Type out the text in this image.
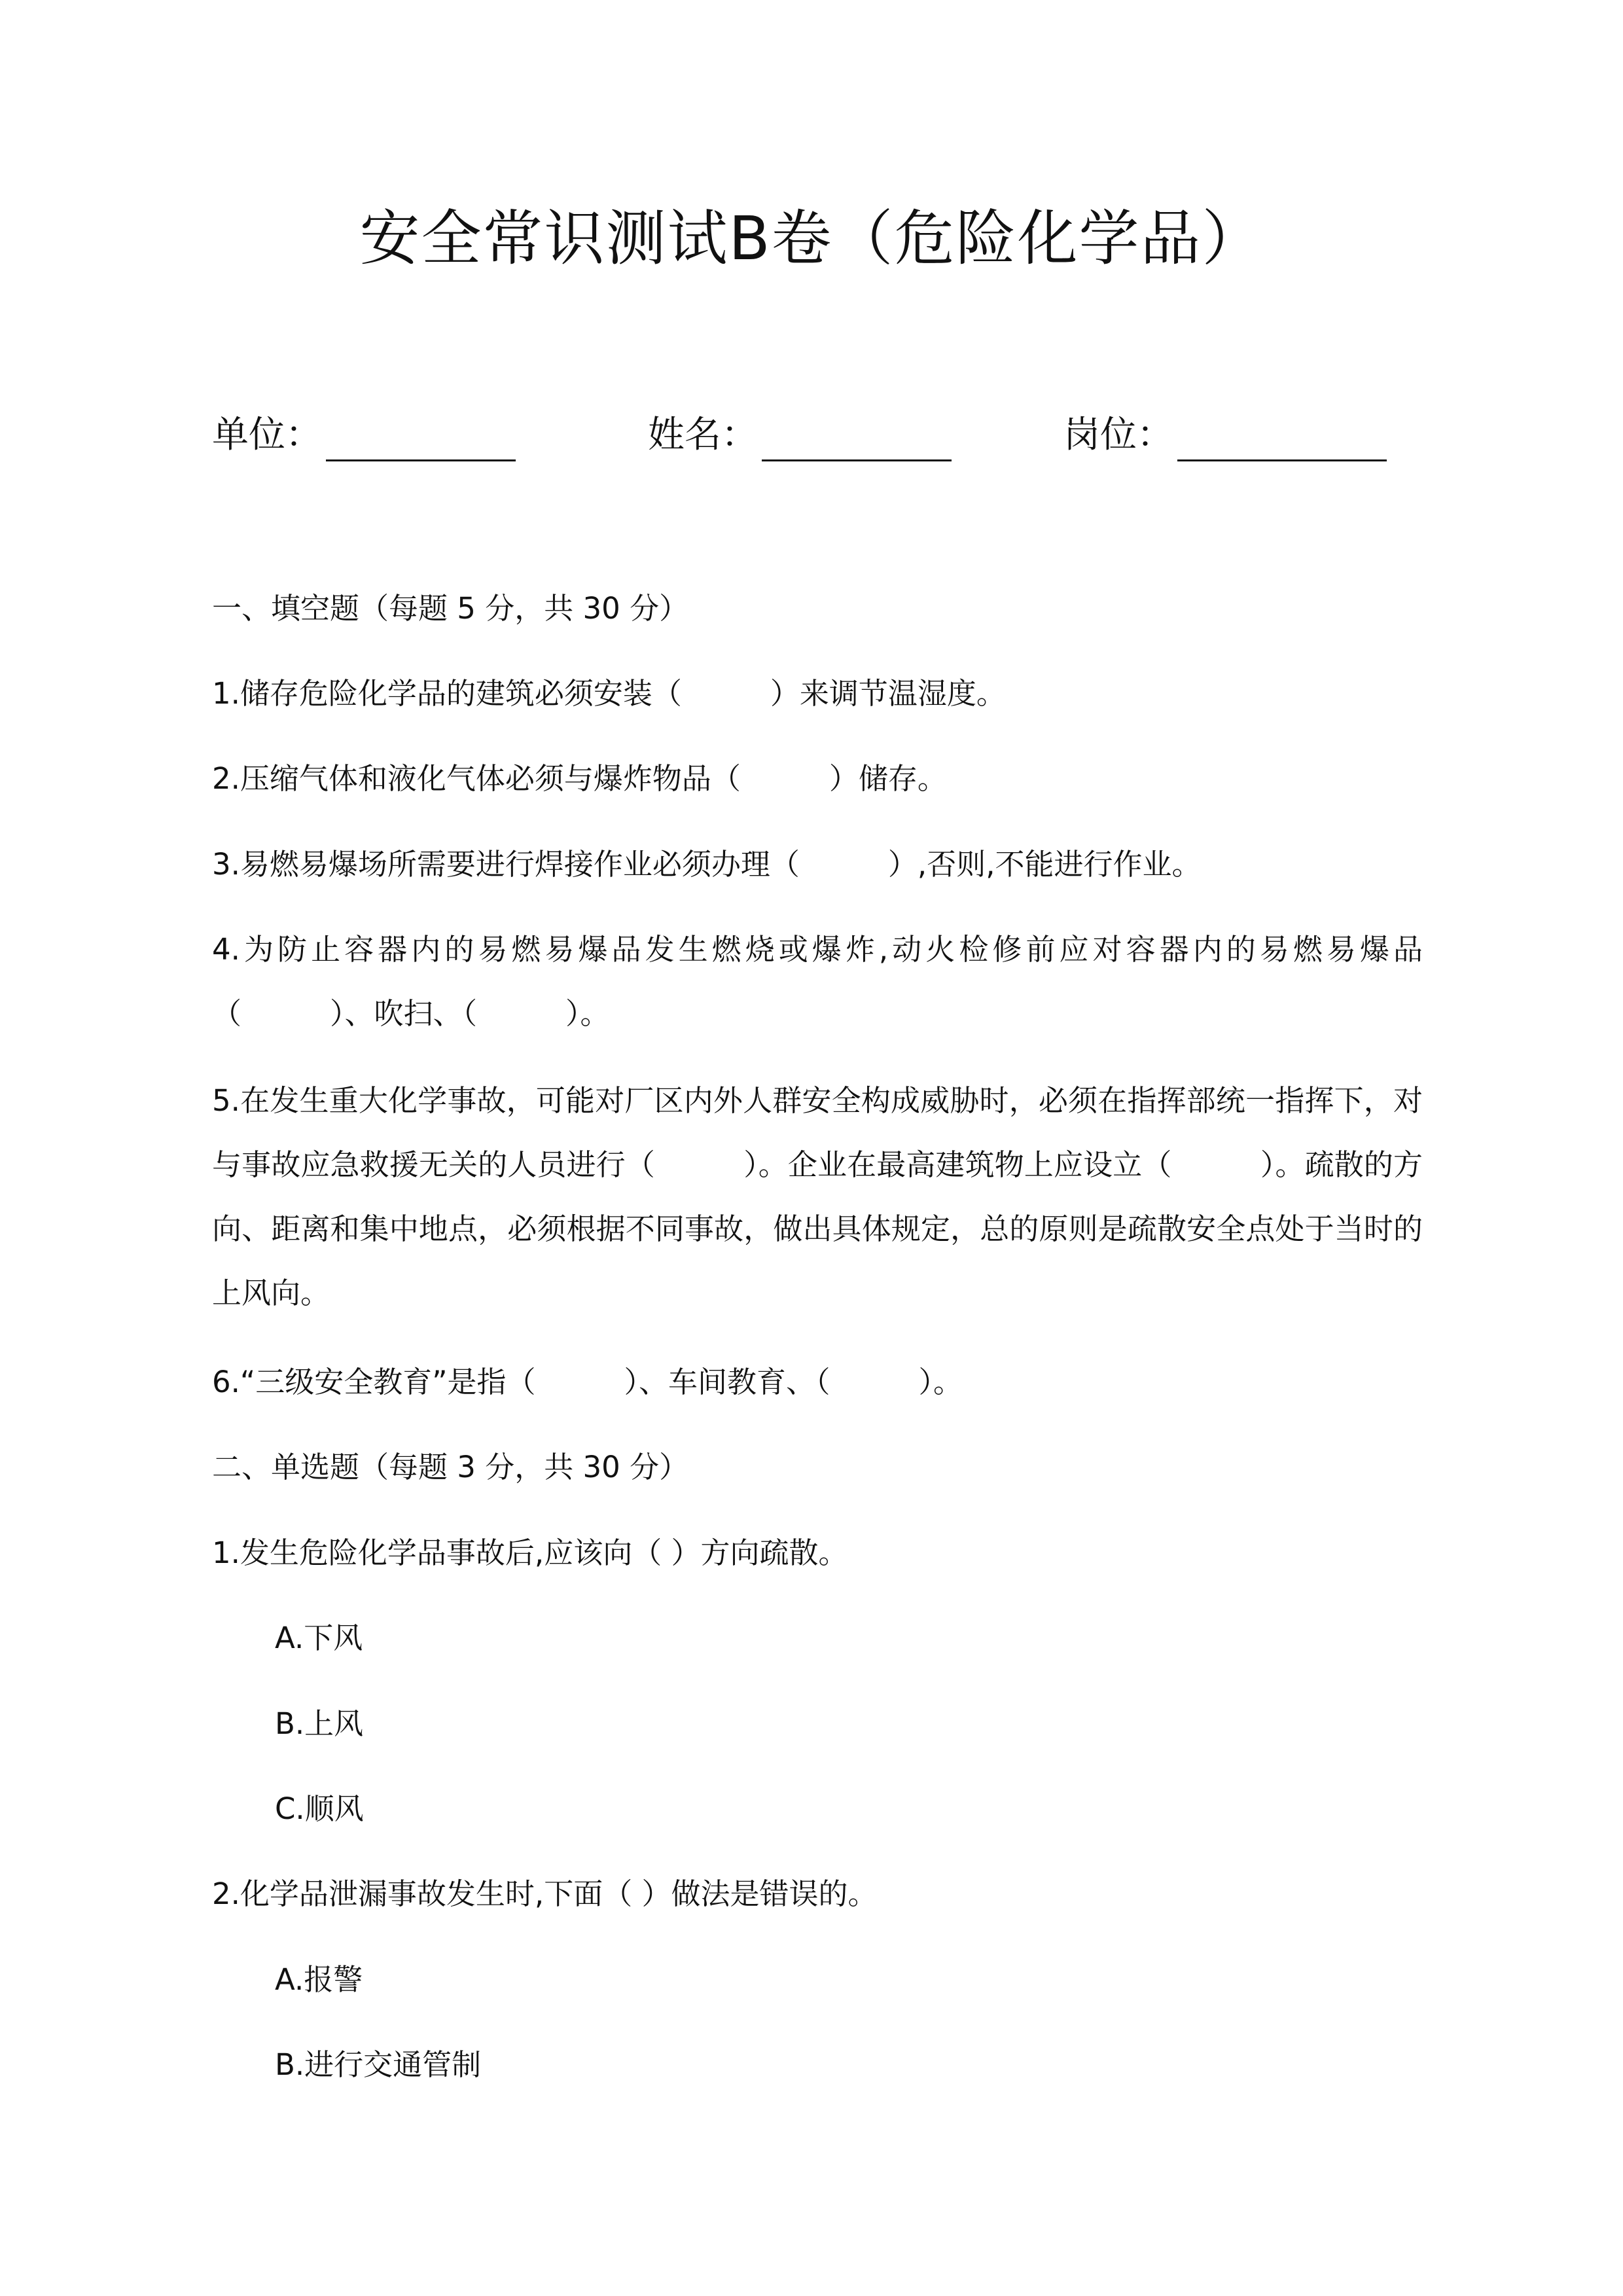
安全常识测试B卷（危险化学品）
单位：	姓名：	岗位：
一、填空题（每题 5 分，共 30 分）
1.储存危险化学品的建筑必须安装（　　　）来调节温湿度。
2.压缩气体和液化气体必须与爆炸物品（　　　）储存。
3.易燃易爆场所需要进行焊接作业必须办理（　　　）,否则,不能进行作业。
4.为防止容器内的易燃易爆品发生燃烧或爆炸,动火检修前应对容器内的易燃易爆品（　　　）、吹扫、（　　　）。
5.在发生重大化学事故，可能对厂区内外人群安全构成威胁时，必须在指挥部统一指挥下，对与事故应急救援无关的人员进行（　　　）。企业在最高建筑物上应设立（　　　）。疏散的方向、距离和集中地点，必须根据不同事故，做出具体规定，总的原则是疏散安全点处于当时的上风向。
6.“三级安全教育”是指（　　　）、车间教育、（　　　）。
二、单选题（每题 3 分，共 30 分）
1.发生危险化学品事故后,应该向（ ）方向疏散。
A.下风
B.上风
C.顺风
2.化学品泄漏事故发生时,下面（ ）做法是错误的。
A.报警
B.进行交通管制
